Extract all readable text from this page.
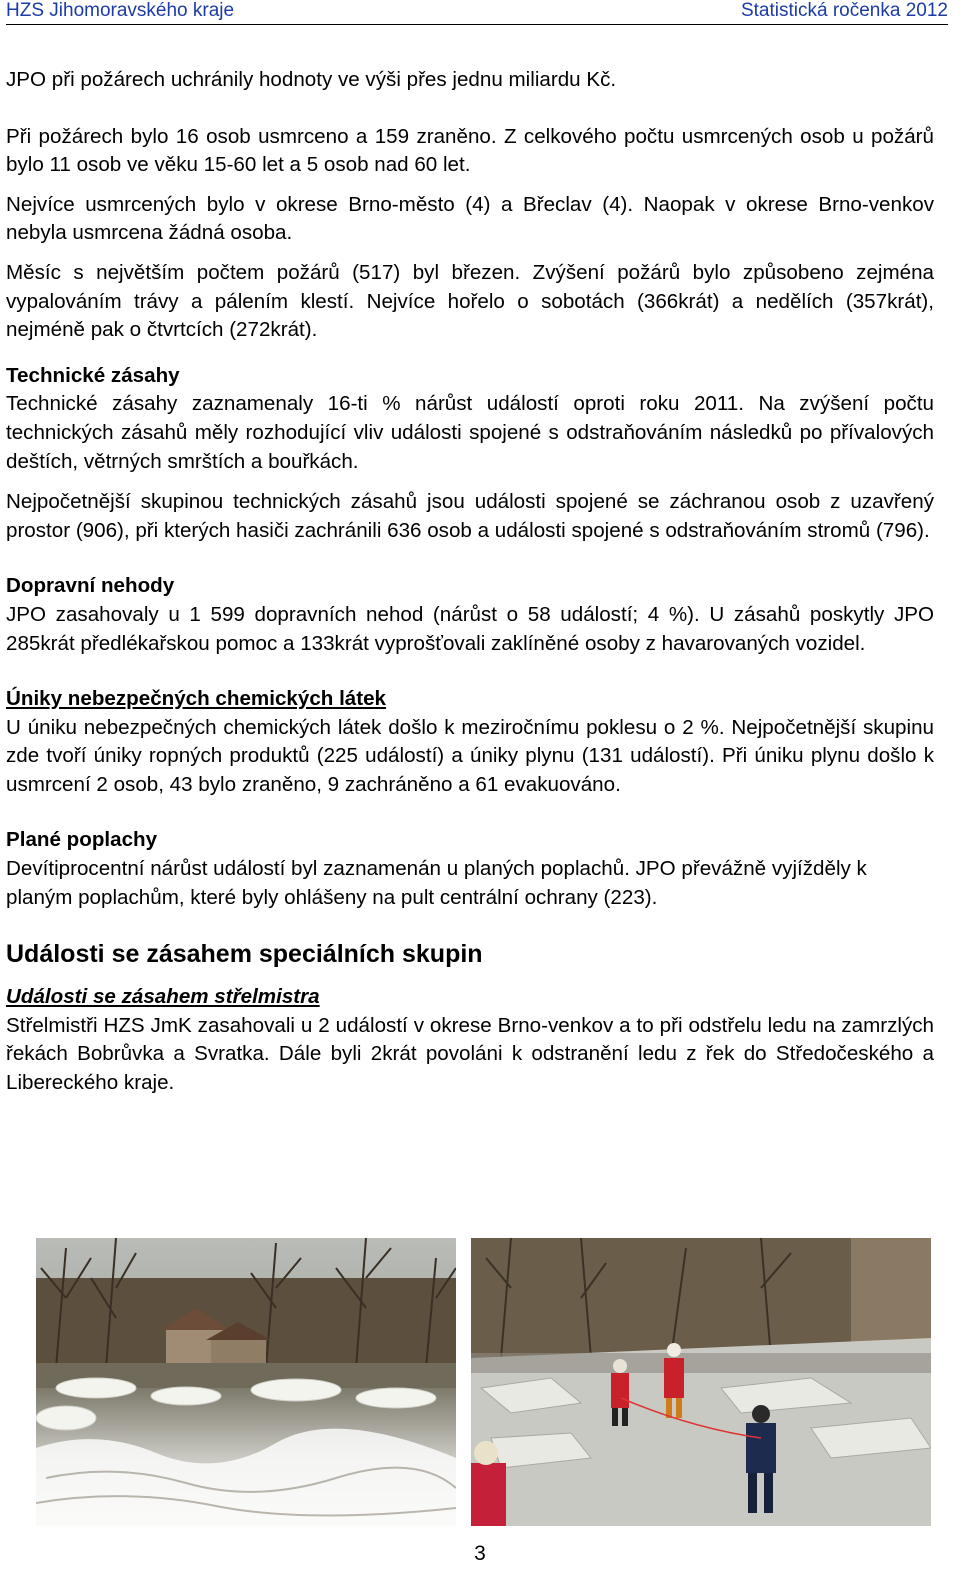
HZS Jihomoravského kraje	Statistická ročenka 2012

JPO při požárech uchránily hodnoty ve výši přes jednu miliardu Kč.

Při požárech bylo 16 osob usmrceno a 159 zraněno. Z celkového počtu usmrcených osob u požárů bylo 11 osob ve věku 15-60 let a 5 osob nad 60 let.

Nejvíce usmrcených bylo v okrese Brno-město (4) a Břeclav (4). Naopak v okrese Brno-venkov nebyla usmrcena žádná osoba.

Měsíc s největším počtem požárů (517) byl březen. Zvýšení požárů bylo způsobeno zejména vypalováním trávy a pálením klestí. Nejvíce hořelo o sobotách (366krát) a nedělích (357krát), nejméně pak o čtvrtcích (272krát).

Technické zásahy

Technické zásahy zaznamenaly 16-ti % nárůst událostí oproti roku 2011. Na zvýšení počtu technických zásahů měly rozhodující vliv události spojené s odstraňováním následků po přívalových deštích, větrných smrštích a bouřkách.

Nejpočetnější skupinou technických zásahů jsou události spojené se záchranou osob z uzavřený prostor (906), při kterých hasiči zachránili 636 osob a události spojené s odstraňováním stromů (796).

Dopravní nehody

JPO zasahovaly u 1 599 dopravních nehod (nárůst o 58 událostí; 4 %). U zásahů poskytly JPO 285krát předlékařskou pomoc a 133krát vyprošťovali zaklíněné osoby z havarovaných vozidel.

Úniky nebezpečných chemických látek

U úniku nebezpečných chemických látek došlo k meziročnímu poklesu o 2 %. Nejpočetnější skupinu zde tvoří úniky ropných produktů (225 událostí) a úniky plynu (131 událostí). Při úniku plynu došlo k usmrcení 2 osob, 43 bylo zraněno, 9 zachráněno a 61 evakuováno.

Plané poplachy

Devítiprocentní nárůst událostí byl zaznamenán u planých poplachů. JPO převážně vyjížděly k planým poplachům, které byly ohlášeny na pult centrální ochrany (223).

Události se zásahem speciálních skupin

Události se zásahem střelmistra

Střelmistři HZS JmK zasahovali u 2 událostí v okrese Brno-venkov a to při odstřelu ledu na zamrzlých řekách Bobrůvka a Svratka. Dále byli 2krát povoláni k odstranění ledu z řek do Středočeského a Libereckého kraje.

3
